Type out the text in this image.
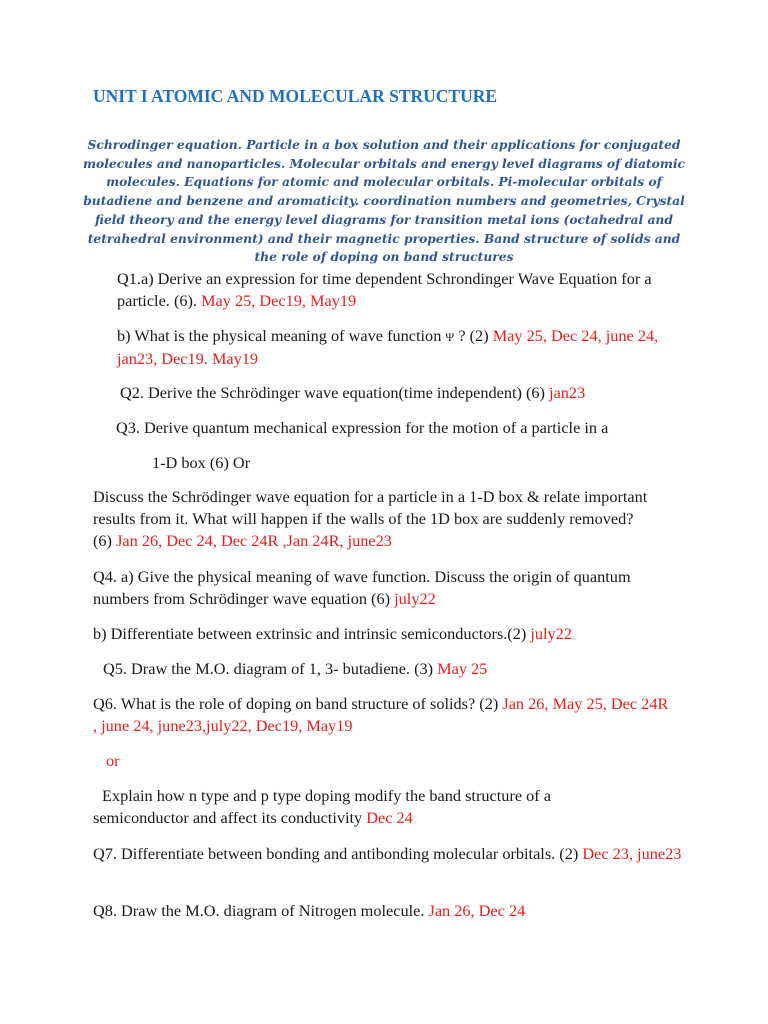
UNIT I ATOMIC AND MOLECULAR STRUCTURE

Schrodinger equation. Particle in a box solution and their applications for conjugated molecules and nanoparticles. Molecular orbitals and energy level diagrams of diatomic molecules. Equations for atomic and molecular orbitals. Pi-molecular orbitals of butadiene and benzene and aromaticity. coordination numbers and geometries, Crystal field theory and the energy level diagrams for transition metal ions (octahedral and tetrahedral environment) and their magnetic properties. Band structure of solids and the role of doping on band structures

Q1.a) Derive an expression for time dependent Schrondinger Wave Equation for a particle. (6). May 25, Dec19, May19

b) What is the physical meaning of wave function Ψ ? (2) May 25, Dec 24, june 24, jan23, Dec19. May19

Q2. Derive the Schrödinger wave equation(time independent) (6) jan23

Q3. Derive quantum mechanical expression for the motion of a particle in a

1-D box (6) Or

Discuss the Schrödinger wave equation for a particle in a 1-D box & relate important results from it. What will happen if the walls of the 1D box are suddenly removed? (6) Jan 26, Dec 24, Dec 24R ,Jan 24R, june23

Q4. a) Give the physical meaning of wave function. Discuss the origin of quantum numbers from Schrödinger wave equation (6) july22

b) Differentiate between extrinsic and intrinsic semiconductors.(2) july22

Q5. Draw the M.O. diagram of 1, 3- butadiene. (3) May 25

Q6. What is the role of doping on band structure of solids? (2) Jan 26, May 25, Dec 24R , june 24, june23,july22, Dec19, May19

or

Explain how n type and p type doping modify the band structure of a semiconductor and affect its conductivity Dec 24

Q7. Differentiate between bonding and antibonding molecular orbitals. (2) Dec 23, june23

Q8. Draw the M.O. diagram of Nitrogen molecule. Jan 26, Dec 24
